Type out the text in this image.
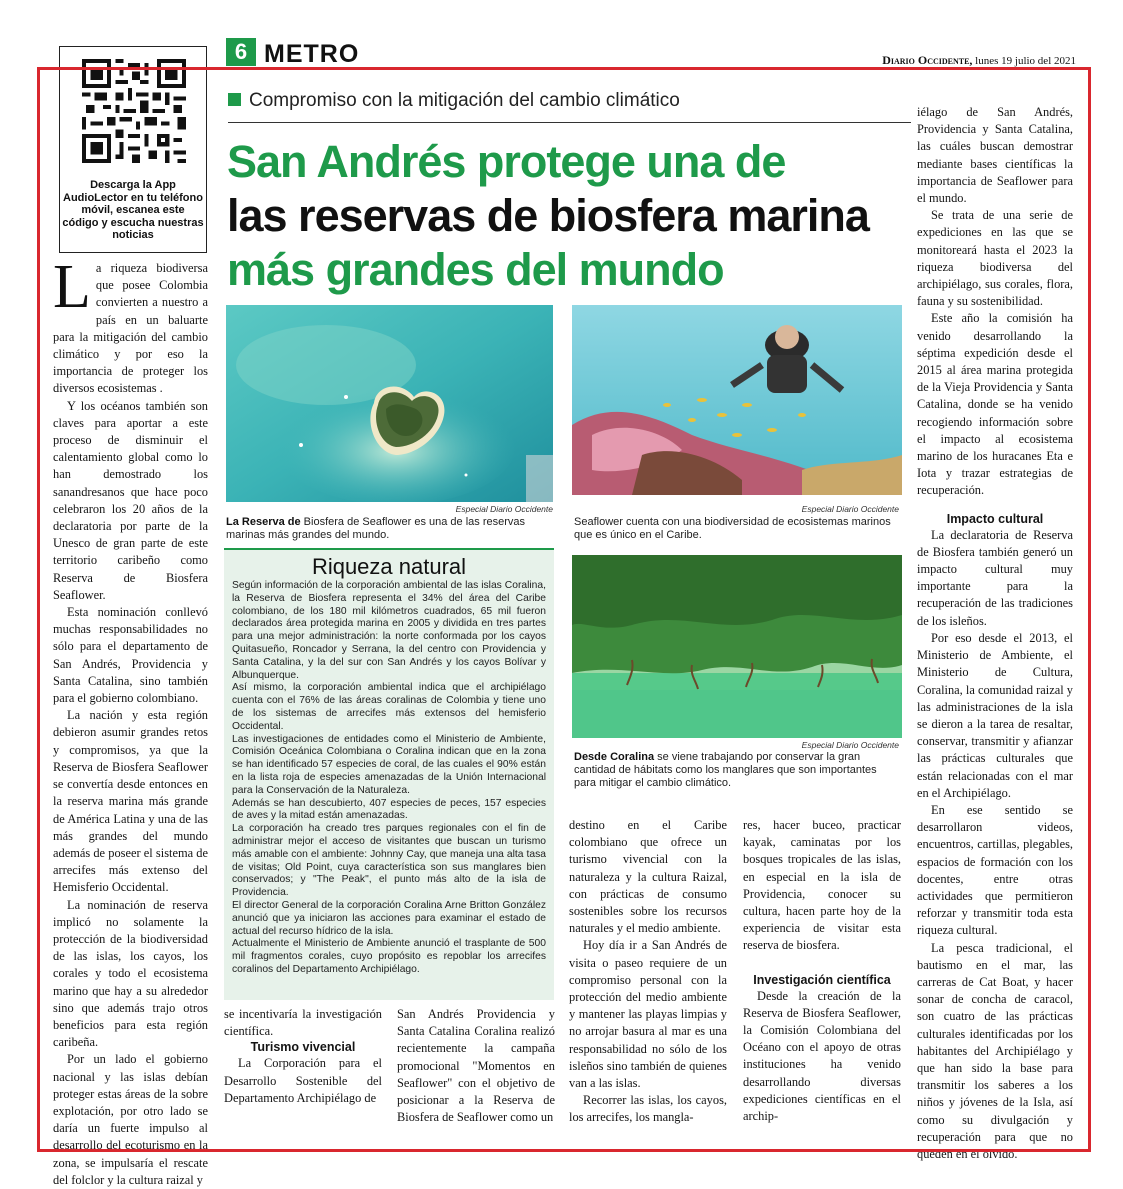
Descarga la App AudioLector en tu teléfono móvil, escanea este código y escucha nuestras noticias
6 METRO	Diario Occidente, lunes 19 julio del 2021
Compromiso con la mitigación del cambio climático
San Andrés protege una de
las reservas de biosfera marina
más grandes del mundo

La riqueza biodiversa que posee Colombia convierten a nuestro a país en un baluarte para la mitigación del cambio climático y por eso la importancia de proteger los diversos ecosistemas .

Y los océanos también son claves para aportar a este proceso de disminuir el calentamiento global como lo han demostrado los sanandresanos que hace poco celebraron los 20 años de la declaratoria por parte de la Unesco de gran parte de este territorio caribeño como Reserva de Biosfera Seaflower.

Esta nominación conllevó muchas responsabilidades no sólo para el departamento de San Andrés, Providencia y Santa Catalina, sino también para el gobierno colombiano.

La nación y esta región debieron asumir grandes retos y compromisos, ya que la Reserva de Biosfera Seaflower se convertía desde entonces en la reserva marina más grande de América Latina y una de las más grandes del mundo además de poseer el sistema de arrecifes más extenso del Hemisferio Occidental.

La nominación de reserva implicó no solamente la protección de la biodiversidad de las islas, los cayos, los corales y todo el ecosistema marino que hay a su alrededor sino que además trajo otros beneficios para esta región caribeña.

Por un lado el gobierno nacional y las islas debían proteger estas áreas de la sobre explotación, por otro lado se daría un fuerte impulso al desarrollo del ecoturismo en la zona, se impulsaría el rescate del folclor y la cultura raizal y

Especial Diario Occidente
La Reserva de Biosfera de Seaflower es una de las reservas marinas más grandes del mundo.
Especial Diario Occidente
Seaflower cuenta con una biodiversidad de ecosistemas marinos que es único en el Caribe.
Especial Diario Occidente
Desde Coralina se viene trabajando por conservar la gran cantidad de hábitats como los manglares que son importantes para mitigar el cambio climático.
Riqueza natural

Según información de la corporación ambiental de las islas Coralina, la Reserva de Biosfera representa el 34% del área del Caribe colombiano, de los 180 mil kilómetros cuadrados, 65 mil fueron declarados área protegida marina en 2005 y dividida en tres partes para una mejor administración: la norte conformada por los cayos Quitasueño, Roncador y Serrana, la del centro con Providencia y Santa Catalina, y la del sur con San Andrés y los cayos Bolívar y Albunquerque.

Así mismo, la corporación ambiental indica que el archipiélago cuenta con el 76% de las áreas coralinas de Colombia y tiene uno de los sistemas de arrecifes más extensos del hemisferio Occidental.

Las investigaciones de entidades como el Ministerio de Ambiente, Comisión Oceánica Colombiana o Coralina indican que en la zona se han identificado 57 especies de coral, de las cuales el 90% están en la lista roja de especies amenazadas de la Unión Internacional para la Conservación de la Naturaleza.

Además se han descubierto, 407 especies de peces, 157 especies de aves y la mitad están amenazadas.

La corporación ha creado tres parques regionales con el fin de administrar mejor el acceso de visitantes que buscan un turismo más amable con el ambiente: Johnny Cay, que maneja una alta tasa de visitas; Old Point, cuya característica son sus manglares bien conservados; y "The Peak", el punto más alto de la isla de Providencia.

El director General de la corporación Coralina Arne Britton González anunció que ya iniciaron las acciones para examinar el estado de actual del recurso hídrico de la isla.

Actualmente el Ministerio de Ambiente anunció el trasplante de 500 mil fragmentos corales, cuyo propósito es repoblar los arrecifes coralinos del Departamento Archipiélago.

se incentivaría la investigación científica.

Turismo vivencial

La Corporación para el Desarrollo Sostenible del Departamento Archipiélago de

San Andrés Providencia y Santa Catalina Coralina realizó recientemente la campaña promocional "Momentos en Seaflower" con el objetivo de posicionar a la Reserva de Biosfera de Seaflower como un

destino en el Caribe colombiano que ofrece un turismo vivencial con la naturaleza y la cultura Raizal, con prácticas de consumo sostenibles sobre los recursos naturales y el medio ambiente.

Hoy día ir a San Andrés de visita o paseo requiere de un compromiso personal con la protección del medio ambiente y mantener las playas limpias y no arrojar basura al mar es una responsabilidad no sólo de los isleños sino también de quienes van a las islas.

Recorrer las islas, los cayos, los arrecifes, los mangla-

res, hacer buceo, practicar kayak, caminatas por los bosques tropicales de las islas, en especial en la isla de Providencia, conocer su cultura, hacen parte hoy de la experiencia de visitar esta reserva de biosfera.

Investigación científica

Desde la creación de la Reserva de Biosfera Seaflower, la Comisión Colombiana del Océano con el apoyo de otras instituciones ha venido desarrollando diversas expediciones científicas en el archip-

iélago de San Andrés, Providencia y Santa Catalina, las cuáles buscan demostrar mediante bases científicas la importancia de Seaflower para el mundo.

Se trata de una serie de expediciones en las que se monitoreará hasta el 2023 la riqueza biodiversa del archipiélago, sus corales, flora, fauna y su sostenibilidad.

Este año la comisión ha venido desarrollando la séptima expedición desde el 2015 al área marina protegida de la Vieja Providencia y Santa Catalina, donde se ha venido recogiendo información sobre el impacto al ecosistema marino de los huracanes Eta e Iota y trazar estrategias de recuperación.

Impacto cultural

La declaratoria de Reserva de Biosfera también generó un impacto cultural muy importante para la recuperación de las tradiciones de los isleños.

Por eso desde el 2013, el Ministerio de Ambiente, el Ministerio de Cultura, Coralina, la comunidad raizal y las administraciones de la isla se dieron a la tarea de resaltar, conservar, transmitir y afianzar las prácticas culturales que están relacionadas con el mar en el Archipiélago.

En ese sentido se desarrollaron videos, encuentros, cartillas, plegables, espacios de formación con los docentes, entre otras actividades que permitieron reforzar y transmitir toda esta riqueza cultural.

La pesca tradicional, el bautismo en el mar, las carreras de Cat Boat, y hacer sonar de concha de caracol, son cuatro de las prácticas culturales identificadas por los habitantes del Archipiélago y que han sido la base para transmitir los saberes a los niños y jóvenes de la Isla, así como su divulgación y recuperación para que no queden en el olvido.
